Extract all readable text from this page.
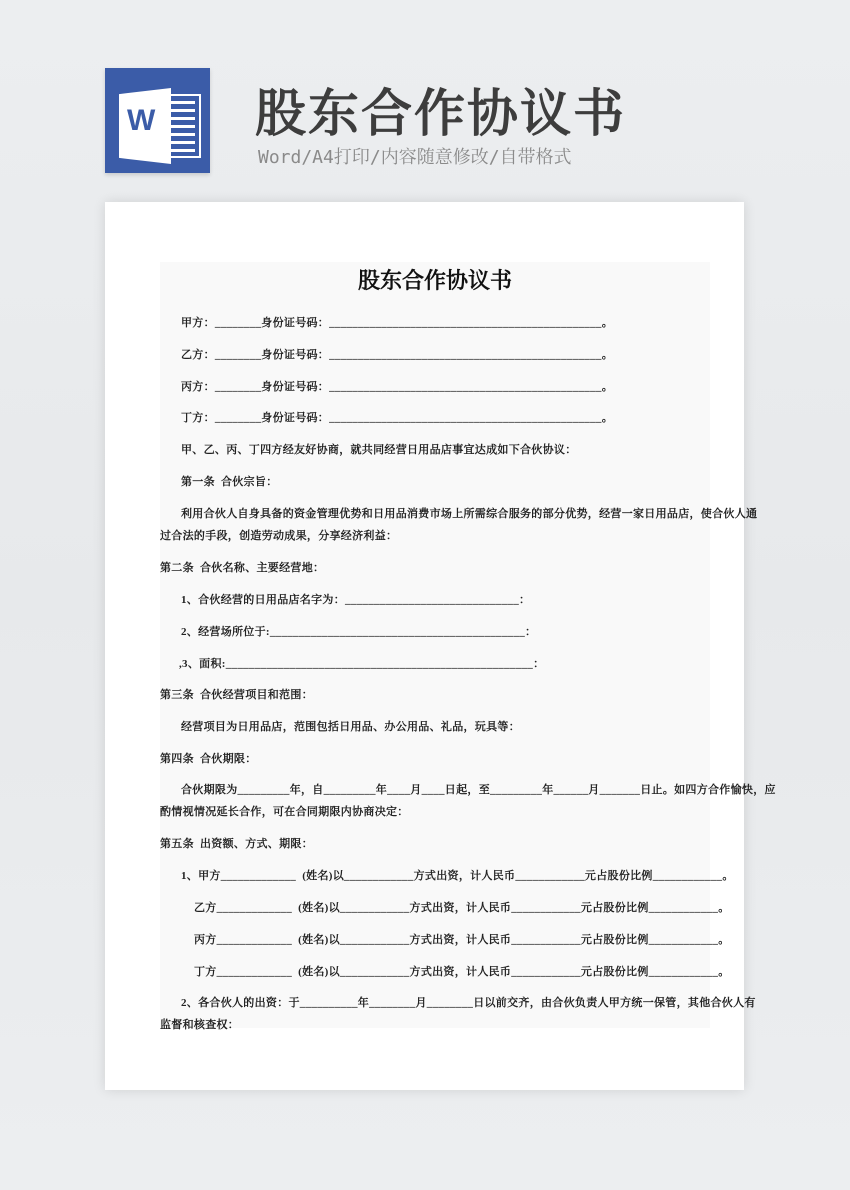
W 股东合作协议书
Word/A4打印/内容随意修改/自带格式
股东合作协议书
甲方：________身份证号码：_______________________________________________。
乙方：________身份证号码：_______________________________________________。
丙方：________身份证号码：_______________________________________________。
丁方：________身份证号码：_______________________________________________。
甲、乙、丙、丁四方经友好协商，就共同经营日用品店事宜达成如下合伙协议：
第一条  合伙宗旨：
利用合伙人自身具备的资金管理优势和日用品消费市场上所需综合服务的部分优势，经营一家日用品店，使合伙人通
过合法的手段，创造劳动成果，分享经济利益：
第二条  合伙名称、主要经营地：
1、合伙经营的日用品店名字为：______________________________：
2、经营场所位于:____________________________________________：
,3、面积:_____________________________________________________：
第三条  合伙经营项目和范围：
经营项目为日用品店，范围包括日用品、办公用品、礼品，玩具等：
第四条  合伙期限：
合伙期限为_________年，自_________年____月____日起，至_________年______月_______日止。如四方合作愉快，应
酌情视情况延长合作，可在合同期限内协商决定：
第五条  出资额、方式、期限：
1、甲方_____________  (姓名)以____________方式出资，计人民币____________元占股份比例____________。
乙方_____________  (姓名)以____________方式出资，计人民币____________元占股份比例____________。
丙方_____________  (姓名)以____________方式出资，计人民币____________元占股份比例____________。
丁方_____________  (姓名)以____________方式出资，计人民币____________元占股份比例____________。
2、各合伙人的出资：于__________年________月________日以前交齐，由合伙负责人甲方统一保管，其他合伙人有
监督和核查权：
